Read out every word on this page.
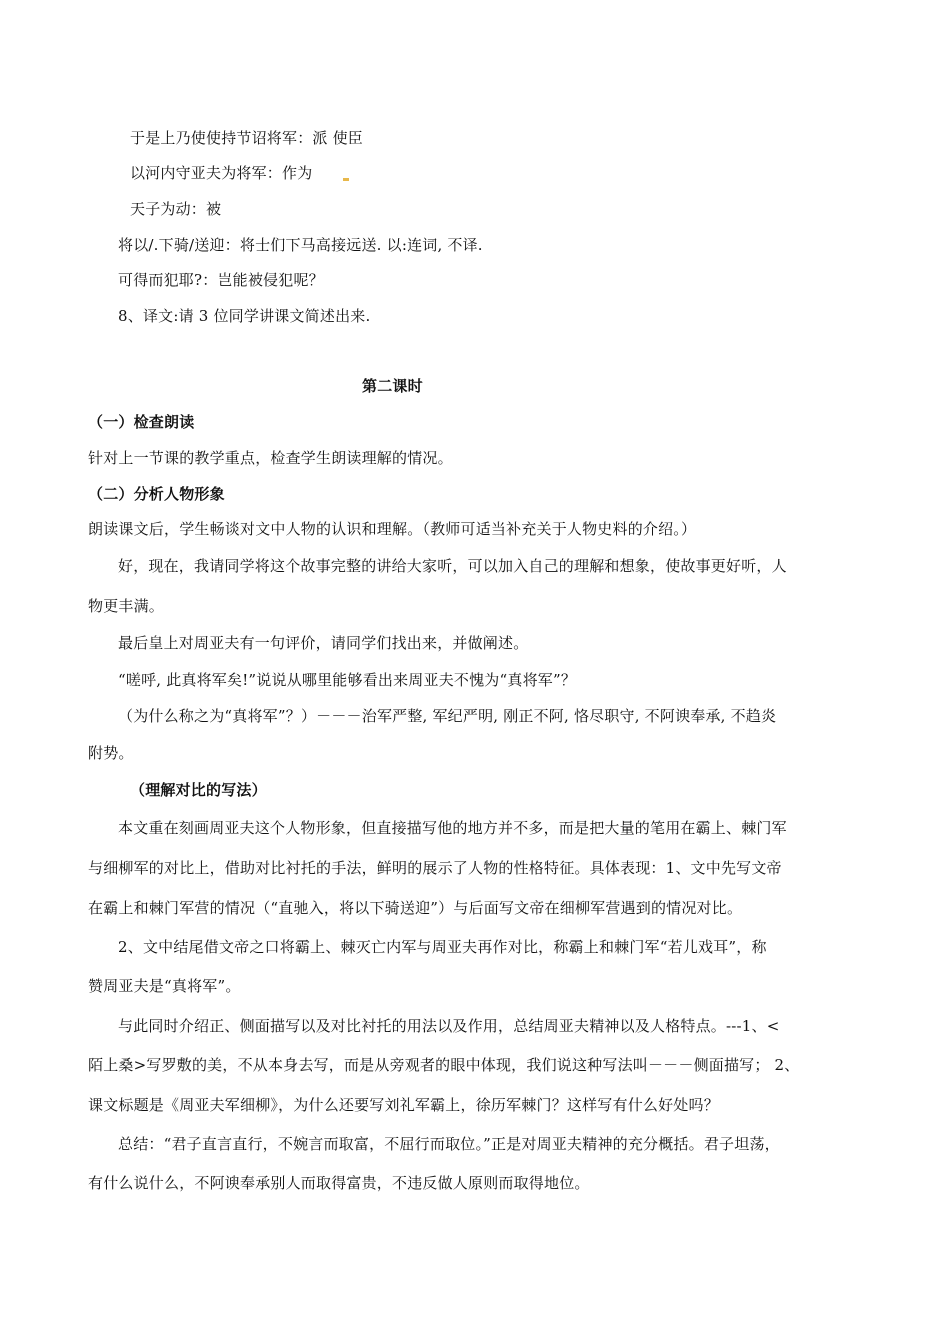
于是上乃使使持节诏将军：派 使臣
以河内守亚夫为将军：作为
天子为动：被
将以/.下骑/送迎：将士们下马高接远送. 以:连词, 不译.
可得而犯耶?：岂能被侵犯呢？
8、译文:请 3 位同学讲课文简述出来.
第二课时
（一）检查朗读
针对上一节课的教学重点，检查学生朗读理解的情况。
（二）分析人物形象
朗读课文后，学生畅谈对文中人物的认识和理解。（教师可适当补充关于人物史料的介绍。）
好，现在，我请同学将这个故事完整的讲给大家听，可以加入自己的理解和想象，使故事更好听，人
物更丰满。
最后皇上对周亚夫有一句评价，请同学们找出来，并做阐述。
“嗟呼, 此真将军矣!”说说从哪里能够看出来周亚夫不愧为“真将军”？
（为什么称之为“真将军”？）－－－治军严整, 军纪严明, 刚正不阿, 恪尽职守, 不阿谀奉承, 不趋炎
附势。
（理解对比的写法）
本文重在刻画周亚夫这个人物形象，但直接描写他的地方并不多，而是把大量的笔用在霸上、棘门军
与细柳军的对比上，借助对比衬托的手法，鲜明的展示了人物的性格特征。具体表现：1、文中先写文帝
在霸上和棘门军营的情况（“直驰入，将以下骑送迎”）与后面写文帝在细柳军营遇到的情况对比。
2、文中结尾借文帝之口将霸上、棘灭亡内军与周亚夫再作对比，称霸上和棘门军“若儿戏耳”，称
赞周亚夫是“真将军”。
与此同时介绍正、侧面描写以及对比衬托的用法以及作用，总结周亚夫精神以及人格特点。---1、<
陌上桑>写罗敷的美，不从本身去写，而是从旁观者的眼中体现，我们说这种写法叫－－－侧面描写； 2、
课文标题是《周亚夫军细柳》，为什么还要写刘礼军霸上，徐历军棘门？这样写有什么好处吗？
总结：“君子直言直行，不婉言而取富，不屈行而取位。”正是对周亚夫精神的充分概括。君子坦荡，
有什么说什么，不阿谀奉承别人而取得富贵，不违反做人原则而取得地位。
